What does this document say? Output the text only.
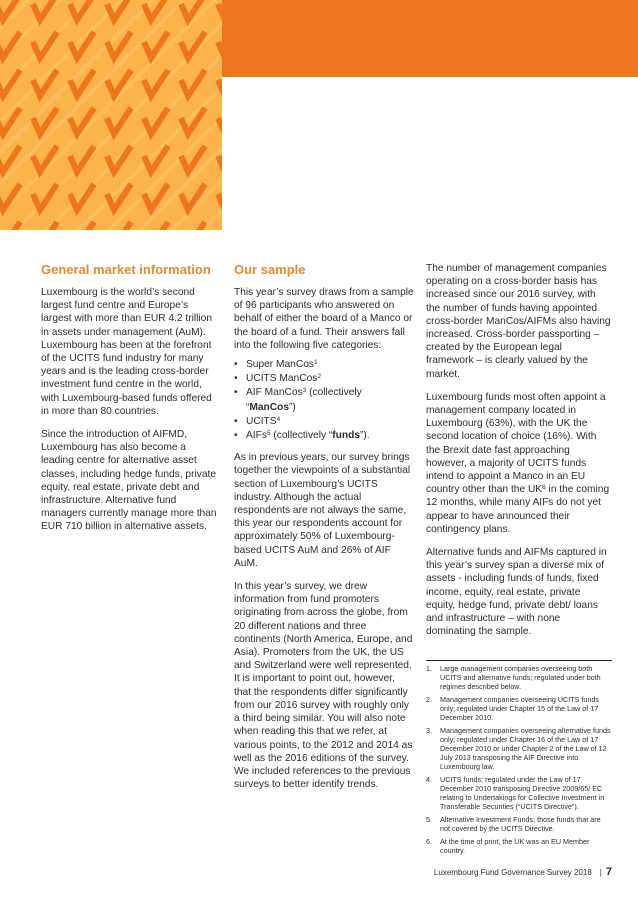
General market information

Luxembourg is the world’s second largest fund centre and Europe’s largest with more than EUR 4.2 trillion in assets under management (AuM). Luxembourg has been at the forefront of the UCITS fund industry for many years and is the leading cross-border investment fund centre in the world, with Luxembourg-based funds offered in more than 80 countries.

Since the introduction of AIFMD, Luxembourg has also become a leading centre for alternative asset classes, including hedge funds, private equity, real estate, private debt and infrastructure. Alternative fund managers currently manage more than EUR 710 billion in alternative assets.

Our sample

This year’s survey draws from a sample of 96 participants who answered on behalf of either the board of a Manco or the board of a fund. Their answers fall into the following five categories:

• Super ManCos$^1$
• UCITS ManCos$^2$
• AIF ManCos$^3$ (collectively “ManCos”)
• UCITS$^4$
• AIFs$^5$ (collectively “funds”).

As in previous years, our survey brings together the viewpoints of a substantial section of Luxembourg’s UCITS industry. Although the actual respondents are not always the same, this year our respondents account for approximately 50% of Luxembourg-based UCITS AuM and 26% of AIF AuM.

In this year’s survey, we drew information from fund promoters originating from across the globe, from 20 different nations and three continents (North America, Europe, and Asia). Promoters from the UK, the US and Switzerland were well represented. It is important to point out, however, that the respondents differ significantly from our 2016 survey with roughly only a third being similar. You will also note when reading this that we refer, at various points, to the 2012 and 2014 as well as the 2016 editions of the survey. We included references to the previous surveys to better identify trends.

The number of management companies operating on a cross-border basis has increased since our 2016 survey, with the number of funds having appointed cross-border ManCos/AIFMs also having increased. Cross-border passporting – created by the European legal framework – is clearly valued by the market.

Luxembourg funds most often appoint a management company located in Luxembourg (63%), with the UK the second location of choice (16%). With the Brexit date fast approaching however, a majority of UCITS funds intend to appoint a Manco in an EU country other than the $UK^6$ in the coming 12 months, while many AIFs do not yet appear to have announced their contingency plans.

Alternative funds and AIFMs captured in this year’s survey span a diverse mix of assets - including funds of funds, fixed income, equity, real estate, private equity, hedge fund, private debt/ loans and infrastructure – with none dominating the sample.

1. Large management companies overseeing both UCITS and alternative funds; regulated under both regimes described below.
2. Management companies overseeing UCITS funds only; regulated under Chapter 15 of the Law of 17 December 2010.
3. Management companies overseeing alternative funds only; regulated under Chapter 16 of the Law of 17 December 2010 or under Chapter 2 of the Law of 12 July 2013 transposing the AIF Directive into Luxembourg law.
4. UCITS funds; regulated under the Law of 17 December 2010 transposing Directive 2009/65/ EC relating to Undertakings for Collective Investment in Transferable Securities (“UCITS Directive”).
5. Alternative Investment Funds; those funds that are not covered by the UCITS Directive.
6. At the time of print, the UK was an EU Member country.
Luxembourg Fund Governance Survey 2018 | 7
